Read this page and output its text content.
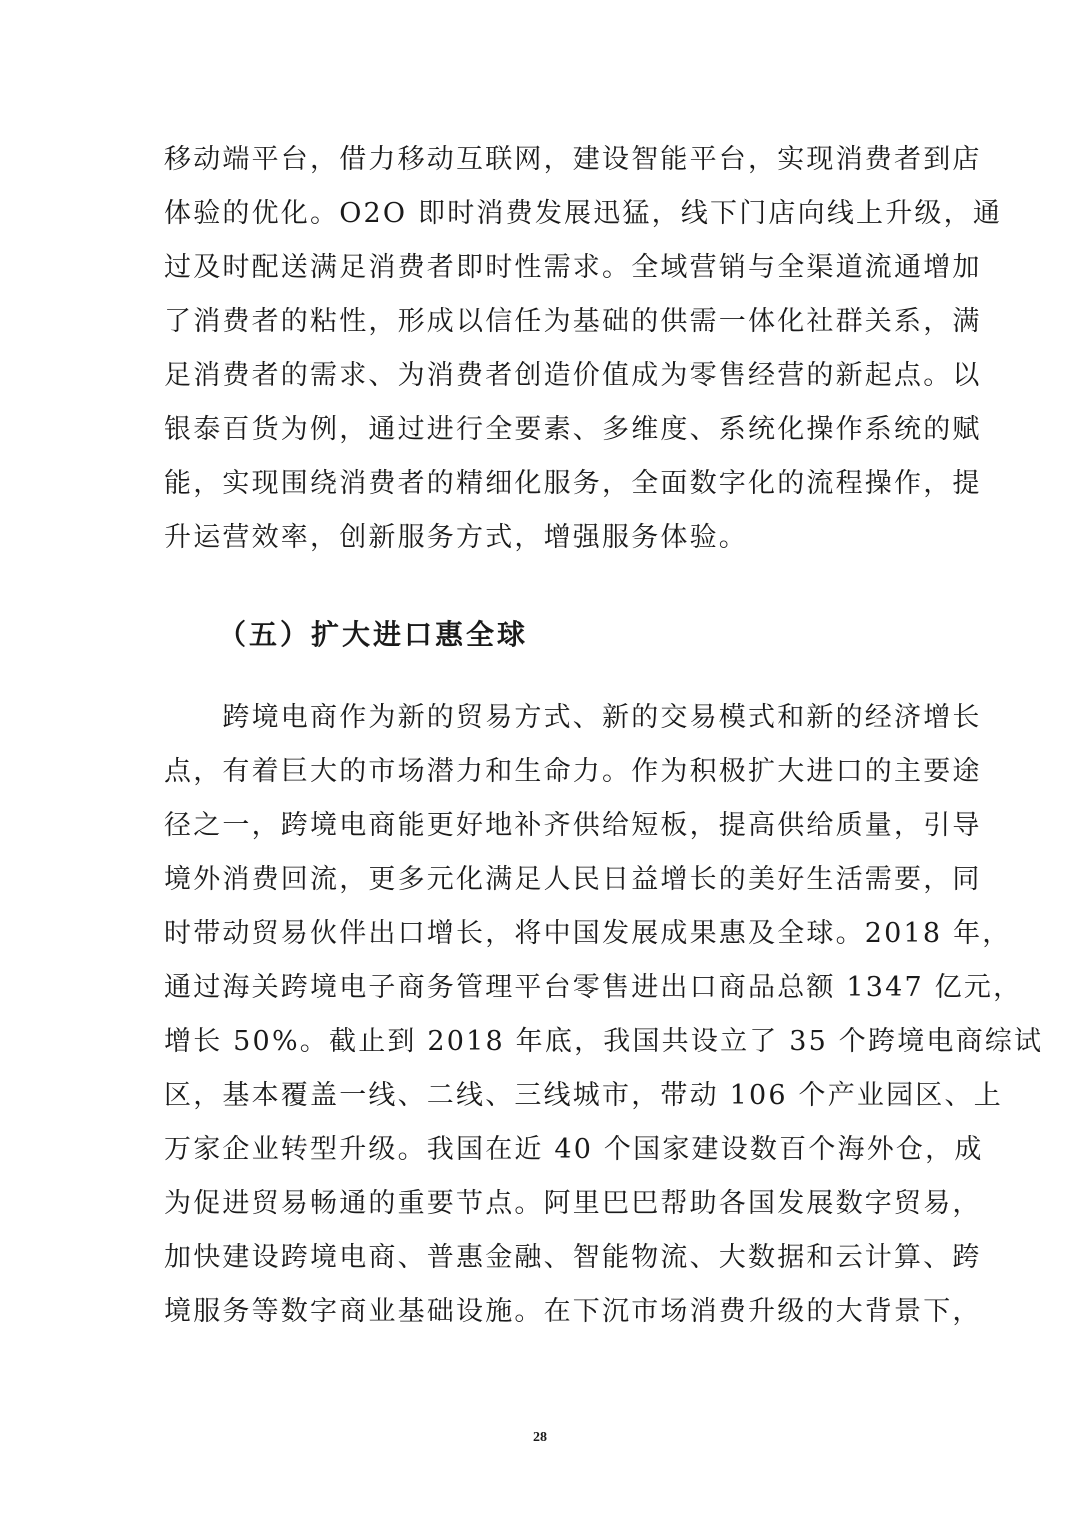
移动端平台，借力移动互联网，建设智能平台，实现消费者到店
体验的优化。O2O 即时消费发展迅猛，线下门店向线上升级，通
过及时配送满足消费者即时性需求。全域营销与全渠道流通增加
了消费者的粘性，形成以信任为基础的供需一体化社群关系，满
足消费者的需求、为消费者创造价值成为零售经营的新起点。以
银泰百货为例，通过进行全要素、多维度、系统化操作系统的赋
能，实现围绕消费者的精细化服务，全面数字化的流程操作，提
升运营效率，创新服务方式，增强服务体验。
（五）扩大进口惠全球
　　跨境电商作为新的贸易方式、新的交易模式和新的经济增长
点，有着巨大的市场潜力和生命力。作为积极扩大进口的主要途
径之一，跨境电商能更好地补齐供给短板，提高供给质量，引导
境外消费回流，更多元化满足人民日益增长的美好生活需要，同
时带动贸易伙伴出口增长，将中国发展成果惠及全球。2018 年，
通过海关跨境电子商务管理平台零售进出口商品总额 1347 亿元，
增长 50%。截止到 2018 年底，我国共设立了 35 个跨境电商综试
区，基本覆盖一线、二线、三线城市，带动 106 个产业园区、上
万家企业转型升级。我国在近 40 个国家建设数百个海外仓，成
为促进贸易畅通的重要节点。阿里巴巴帮助各国发展数字贸易，
加快建设跨境电商、普惠金融、智能物流、大数据和云计算、跨
境服务等数字商业基础设施。在下沉市场消费升级的大背景下，
28
